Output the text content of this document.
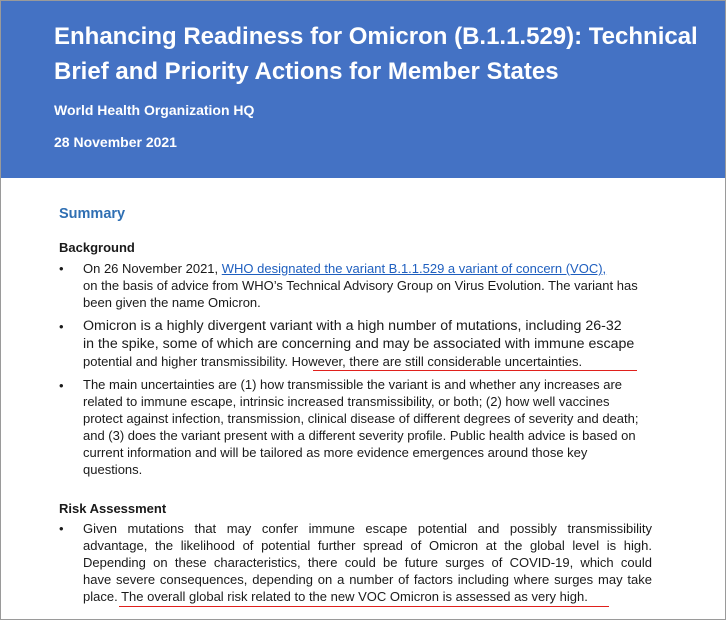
Enhancing Readiness for Omicron (B.1.1.529): Technical
Brief and Priority Actions for Member States
World Health Organization HQ
28 November 2021
Summary
Background
•	On 26 November 2021, WHO designated the variant B.1.1.529 a variant of concern (VOC),
on the basis of advice from WHO’s Technical Advisory Group on Virus Evolution. The variant has
been given the name Omicron.
•	Omicron is a highly divergent variant with a high number of mutations, including 26-32
in the spike, some of which are concerning and may be associated with immune escape
potential and higher transmissibility. However, there are still considerable uncertainties.
•	The main uncertainties are (1) how transmissible the variant is and whether any increases are
related to immune escape, intrinsic increased transmissibility, or both; (2) how well vaccines
protect against infection, transmission, clinical disease of different degrees of severity and death;
and (3) does the variant present with a different severity profile. Public health advice is based on
current information and will be tailored as more evidence emergences around those key
questions.
Risk Assessment
•	Given mutations that may confer immune escape potential and possibly transmissibility
advantage, the likelihood of potential further spread of Omicron at the global level is high.
Depending on these characteristics, there could be future surges of COVID-19, which could
have severe consequences, depending on a number of factors including where surges may take
place. The overall global risk related to the new VOC Omicron is assessed as very high.
